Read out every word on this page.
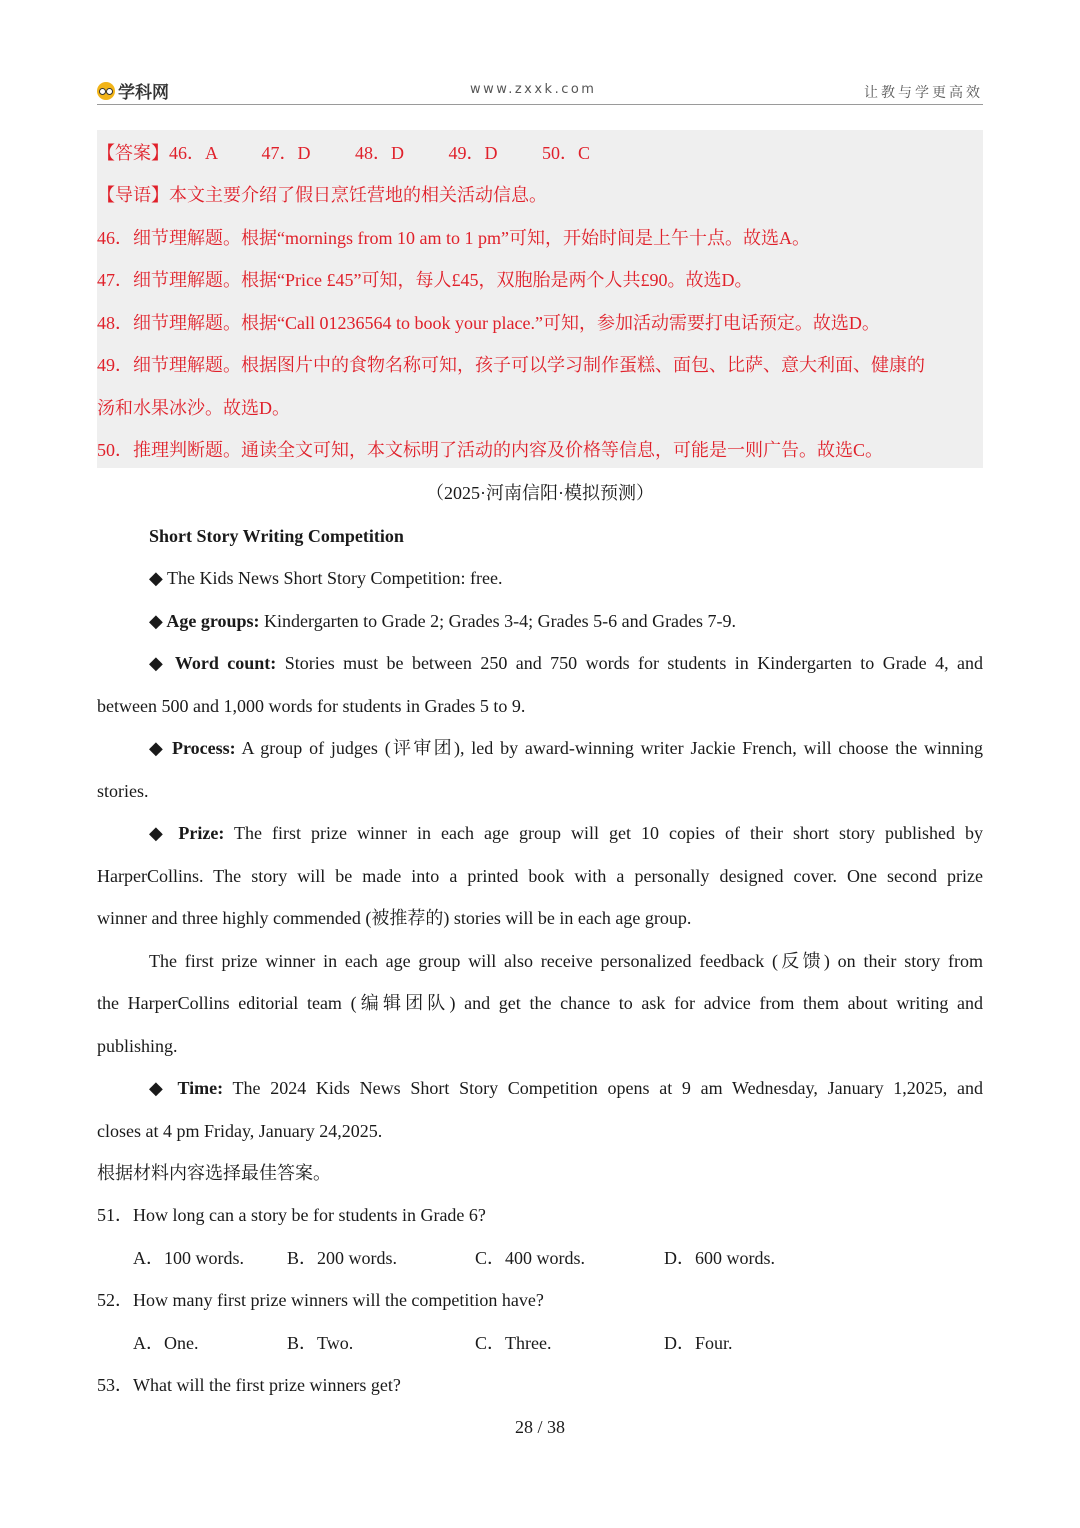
学科网	www.zxxk.com	让教与学更高效
【答案】46．A 47．D 48．D 49．D 50．C
【导语】本文主要介绍了假日烹饪营地的相关活动信息。
46．细节理解题。根据“mornings from 10 am to 1 pm”可知，开始时间是上午十点。故选A。
47．细节理解题。根据“Price £45”可知，每人£45，双胞胎是两个人共£90。故选D。
48．细节理解题。根据“Call 01236564 to book your place.”可知，参加活动需要打电话预定。故选D。
49．细节理解题。根据图片中的食物名称可知，孩子可以学习制作蛋糕、面包、比萨、意大利面、健康的
汤和水果冰沙。故选D。
50．推理判断题。通读全文可知，本文标明了活动的内容及价格等信息，可能是一则广告。故选C。
（2025·河南信阳·模拟预测）
Short Story Writing Competition
◆ The Kids News Short Story Competition: free.
◆ Age groups: Kindergarten to Grade 2; Grades 3-4; Grades 5-6 and Grades 7-9.
◆ Word count: Stories must be between 250 and 750 words for students in Kindergarten to Grade 4, and
between 500 and 1,000 words for students in Grades 5 to 9.
◆ Process: A group of judges (评审团), led by award-winning writer Jackie French, will choose the winning
stories.
◆ Prize: The first prize winner in each age group will get 10 copies of their short story published by
HarperCollins. The story will be made into a printed book with a personally designed cover. One second prize
winner and three highly commended (被推荐的) stories will be in each age group.
The first prize winner in each age group will also receive personalized feedback (反馈) on their story from
the HarperCollins editorial team (编辑团队) and get the chance to ask for advice from them about writing and
publishing.
◆ Time: The 2024 Kids News Short Story Competition opens at 9 am Wednesday, January 1,2025, and
closes at 4 pm Friday, January 24,2025.
根据材料内容选择最佳答案。
51．How long can a story be for students in Grade 6?
A．100 words. B．200 words.	C．400 words.	D．600 words.
52．How many first prize winners will the competition have?
A．One.	B．Two.	C．Three.	D．Four.
53．What will the first prize winners get?
28 / 38
